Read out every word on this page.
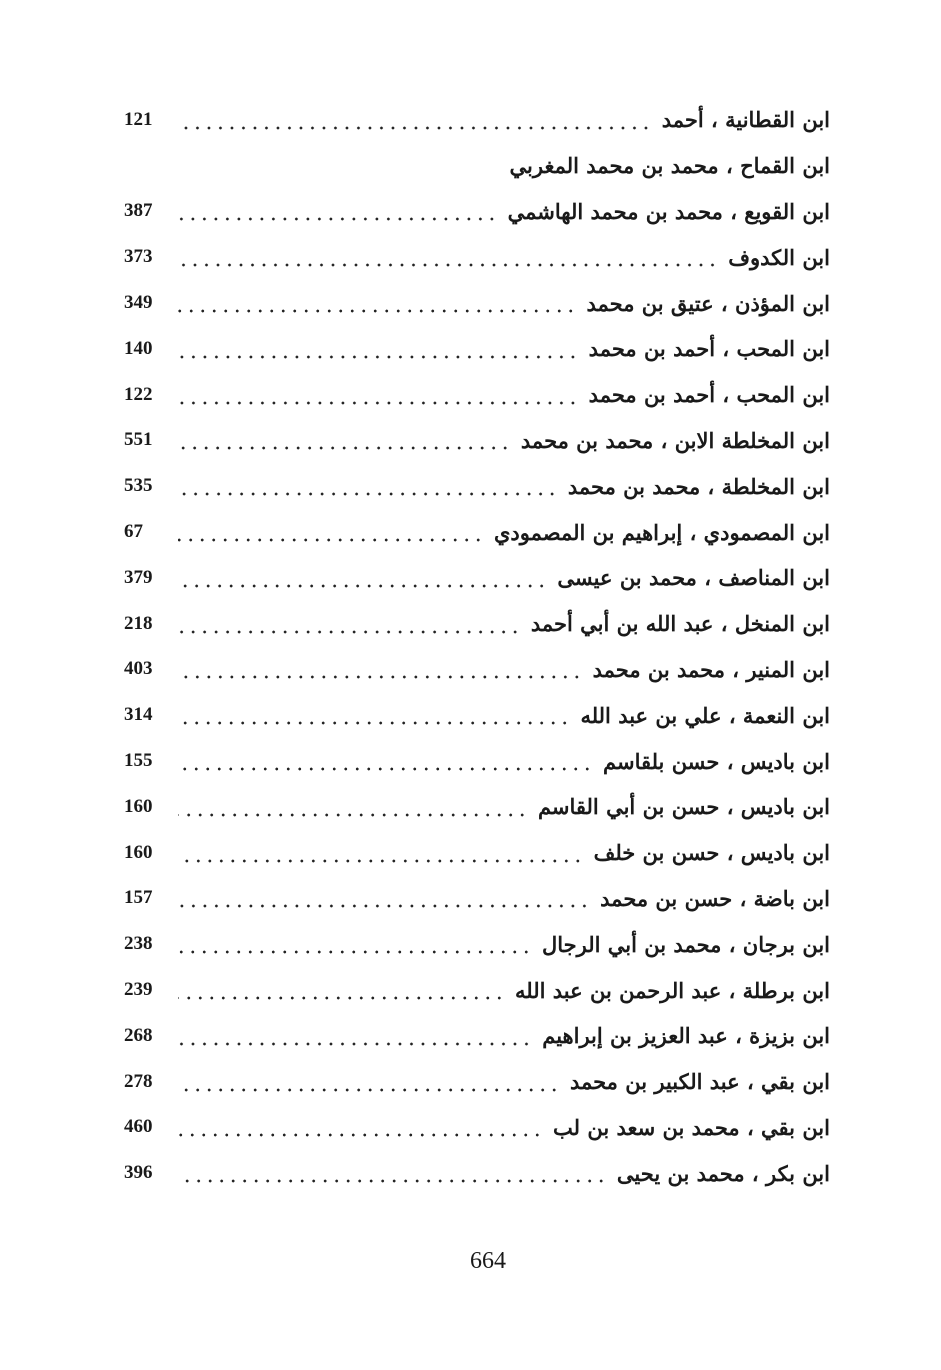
ابن القطانية ، أحمد
121
ابن القماح ، محمد بن محمد المغربي
ابن القويع ، محمد بن محمد الهاشمي
387
ابن الكدوف
373
ابن المؤذن ، عتيق بن محمد
349
ابن المحب ، أحمد بن محمد
140
ابن المحب ، أحمد بن محمد
122
ابن المخلطة الابن ، محمد بن محمد
551
ابن المخلطة ، محمد بن محمد
535
ابن المصمودي ، إبراهيم بن المصمودي
67
ابن المناصف ، محمد بن عيسى
379
ابن المنخل ، عبد الله بن أبي أحمد
218
ابن المنير ، محمد بن محمد
403
ابن النعمة ، علي بن عبد الله
314
ابن باديس ، حسن بلقاسم
155
ابن باديس ، حسن بن أبي القاسم
160
ابن باديس ، حسن بن خلف
160
ابن باضة ، حسن بن محمد
157
ابن برجان ، محمد بن أبي الرجال
238
ابن برطلة ، عبد الرحمن بن عبد الله
239
ابن بزيزة ، عبد العزيز بن إبراهيم
268
ابن بقي ، عبد الكبير بن محمد
278
ابن بقي ، محمد بن سعد بن لب
460
ابن بكر ، محمد بن يحيى
396
664
